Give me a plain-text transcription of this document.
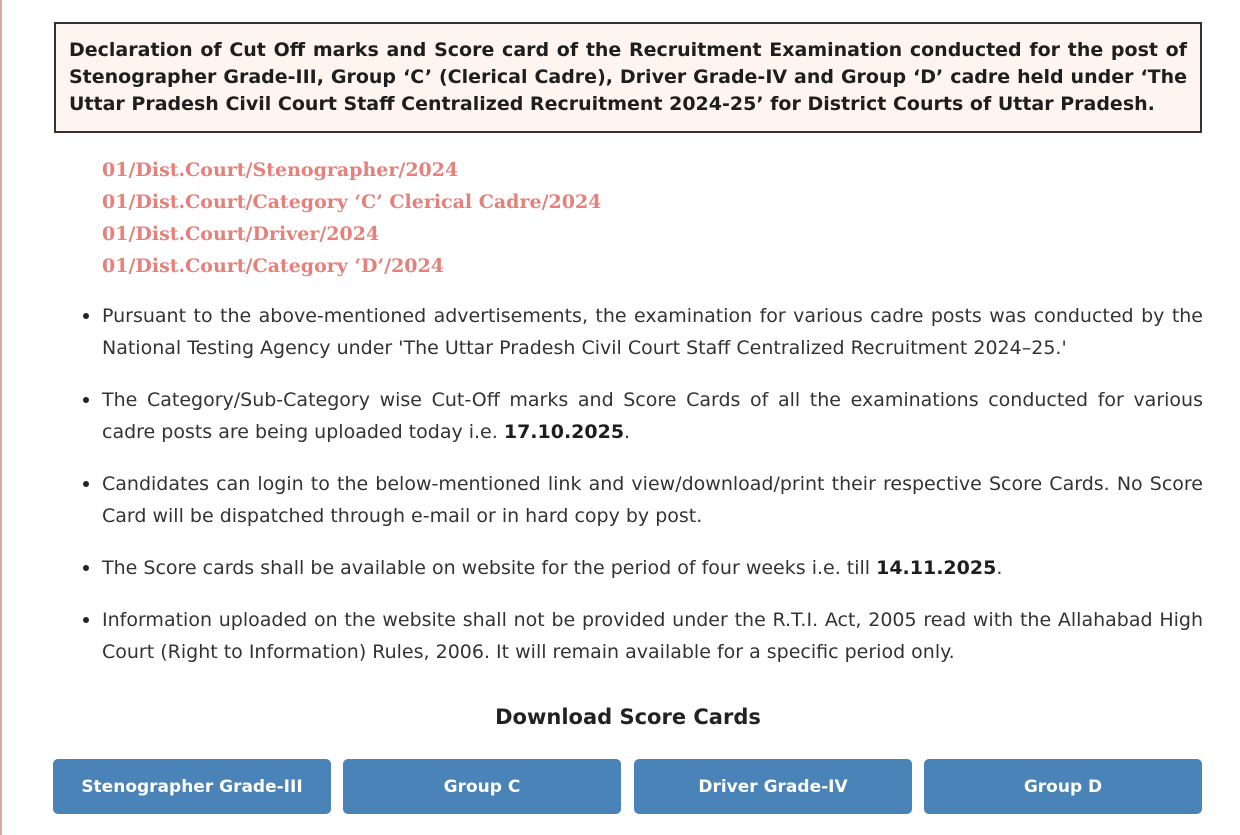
Declaration of Cut Off marks and Score card of the Recruitment Examination conducted for the post of Stenographer Grade-III, Group ‘C’ (Clerical Cadre), Driver Grade-IV and Group ‘D’ cadre held under ‘The Uttar Pradesh Civil Court Staff Centralized Recruitment 2024-25’ for District Courts of Uttar Pradesh.
01/Dist.Court/Stenographer/2024
01/Dist.Court/Category ‘C’ Clerical Cadre/2024
01/Dist.Court/Driver/2024
01/Dist.Court/Category ‘D’/2024
Pursuant to the above-mentioned advertisements, the examination for various cadre posts was conducted by the National Testing Agency under 'The Uttar Pradesh Civil Court Staff Centralized Recruitment 2024–25.'
The Category/Sub-Category wise Cut-Off marks and Score Cards of all the examinations conducted for various cadre posts are being uploaded today i.e. 17.10.2025.
Candidates can login to the below-mentioned link and view/download/print their respective Score Cards. No Score Card will be dispatched through e-mail or in hard copy by post.
The Score cards shall be available on website for the period of four weeks i.e. till 14.11.2025.
Information uploaded on the website shall not be provided under the R.T.I. Act, 2005 read with the Allahabad High Court (Right to Information) Rules, 2006. It will remain available for a specific period only.
Download Score Cards
Stenographer Grade-III	Group C	Driver Grade-IV	Group D
